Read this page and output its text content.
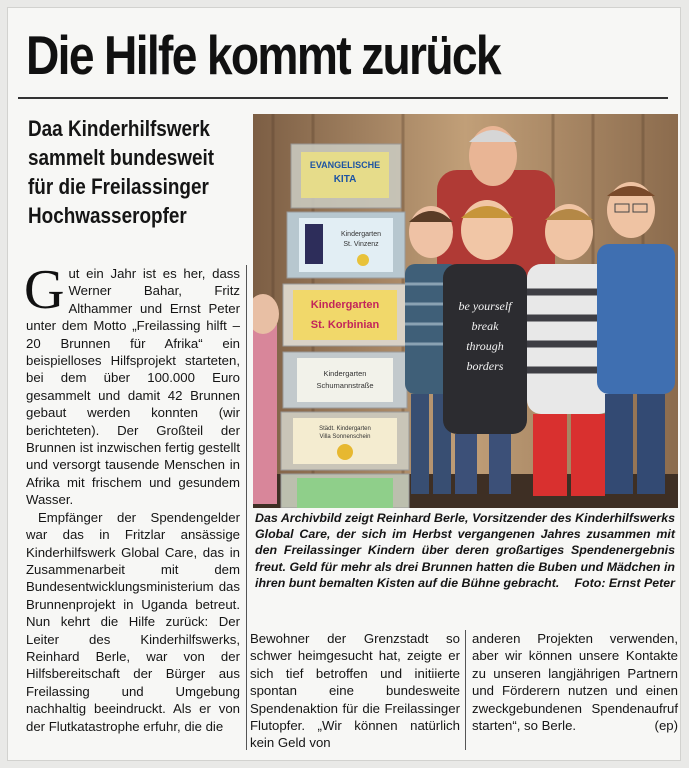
Die Hilfe kommt zurück
Daa Kinderhilfswerk sammelt bundesweit für die Freilassinger Hochwasseropfer

Gut ein Jahr ist es her, dass Werner Bahar, Fritz Althammer und Ernst Peter unter dem Motto „Freilassing hilft – 20 Brunnen für Afrika“ ein beispielloses Hilfsprojekt starteten, bei dem über 100.000 Euro gesammelt und damit 42 Brunnen gebaut werden konnten (wir berichteten). Der Großteil der Brunnen ist inzwischen fertig gestellt und versorgt tausende Menschen in Afrika mit frischem und gesundem Wasser.

Empfänger der Spendengelder war das in Fritzlar ansässige Kinderhilfswerk Global Care, das in Zusammenarbeit mit dem Bundesentwicklungsministerium das Brunnenprojekt in Uganda betreut. Nun kehrt die Hilfe zurück: Der Leiter des Kinderhilfswerks, Reinhard Berle, war von der Hilfsbereitschaft der Bürger aus Freilassing und Umgebung nachhaltig beeindruckt. Als er von der Flutkatastrophe erfuhr, die die

EVANGELISCHE
KITA
Kindergarten
St. Vinzenz
Kindergarten
St. Korbinian
Kindergarten
Schumannstraße
Städt. Kindergarten
Villa Sonnenschein
be yourself
break
through
borders

Das Archivbild zeigt Reinhard Berle, Vorsitzender des Kinderhilfswerks Global Care, der sich im Herbst vergangenen Jahres zusammen mit den Freilassinger Kindern über deren großartiges Spendenergebnis freut. Geld für mehr als drei Brunnen hatten die Buben und Mädchen in ihren bunt bemalten Kisten auf die Bühne gebracht. Foto: Ernst Peter

Bewohner der Grenzstadt so schwer heimgesucht hat, zeigte er sich tief betroffen und initiierte spontan eine bundesweite Spendenaktion für die Freilassinger Flutopfer. „Wir können natürlich kein Geld von

anderen Projekten verwenden, aber wir können unsere Kontakte zu unseren langjährigen Partnern und Förderern nutzen und einen zweckgebundenen Spendenaufruf starten“, so Berle.	(ep)
